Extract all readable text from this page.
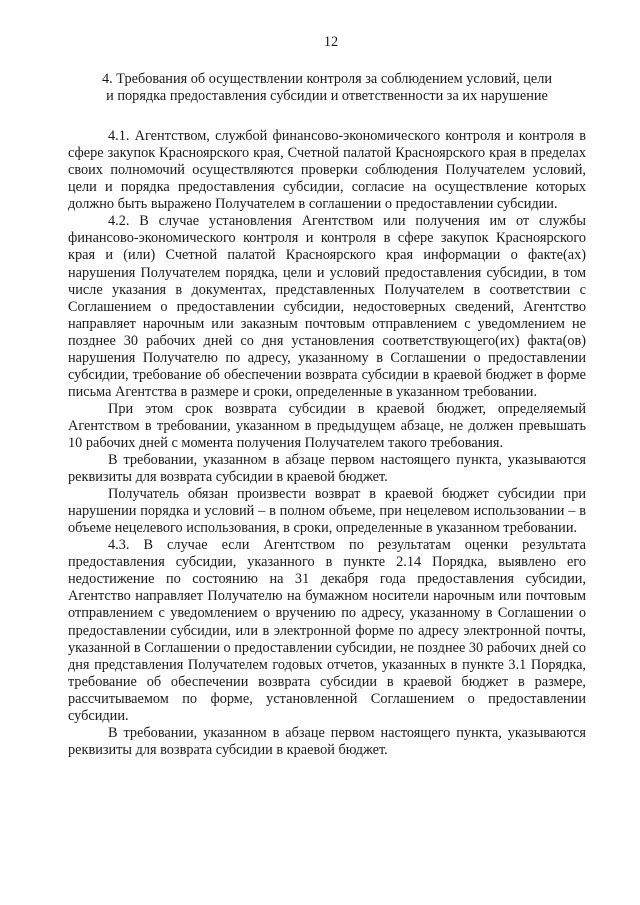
12
4. Требования об осуществлении контроля за соблюдением условий, цели
и порядка предоставления субсидии и ответственности за их нарушение

4.1. Агентством, службой финансово-экономического контроля и контроля в сфере закупок Красноярского края, Счетной палатой Красноярского края в пределах своих полномочий осуществляются проверки соблюдения Получателем условий, цели и порядка предоставления субсидии, согласие на осуществление которых должно быть выражено Получателем в соглашении о предоставлении субсидии.

4.2. В случае установления Агентством или получения им от службы финансово-экономического контроля и контроля в сфере закупок Красноярского края и (или) Счетной палатой Красноярского края информации о факте(ах) нарушения Получателем порядка, цели и условий предоставления субсидии, в том числе указания в документах, представленных Получателем в соответствии с Соглашением о предоставлении субсидии, недостоверных сведений, Агентство направляет нарочным или заказным почтовым отправлением с уведомлением не позднее 30 рабочих дней со дня установления соответствующего(их) факта(ов) нарушения Получателю по адресу, указанному в Соглашении о предоставлении субсидии, требование об обеспечении возврата субсидии в краевой бюджет в форме письма Агентства в размере и сроки, определенные в указанном требовании.

При этом срок возврата субсидии в краевой бюджет, определяемый Агентством в требовании, указанном в предыдущем абзаце, не должен превышать 10 рабочих дней с момента получения Получателем такого требования.

В требовании, указанном в абзаце первом настоящего пункта, указываются реквизиты для возврата субсидии в краевой бюджет.

Получатель обязан произвести возврат в краевой бюджет субсидии при нарушении порядка и условий – в полном объеме, при нецелевом использовании – в объеме нецелевого использования, в сроки, определенные в указанном требовании.

4.3. В случае если Агентством по результатам оценки результата предоставления субсидии, указанного в пункте 2.14 Порядка, выявлено его недостижение по состоянию на 31 декабря года предоставления субсидии, Агентство направляет Получателю на бумажном носители нарочным или почтовым отправлением с уведомлением о вручению по адресу, указанному в Соглашении о предоставлении субсидии, или в электронной форме по адресу электронной почты, указанной в Соглашении о предоставлении субсидии, не позднее 30 рабочих дней со дня представления Получателем годовых отчетов, указанных в пункте 3.1 Порядка, требование об обеспечении возврата субсидии в краевой бюджет в размере, рассчитываемом по форме, установленной Соглашением о предоставлении субсидии.

В требовании, указанном в абзаце первом настоящего пункта, указываются реквизиты для возврата субсидии в краевой бюджет.
